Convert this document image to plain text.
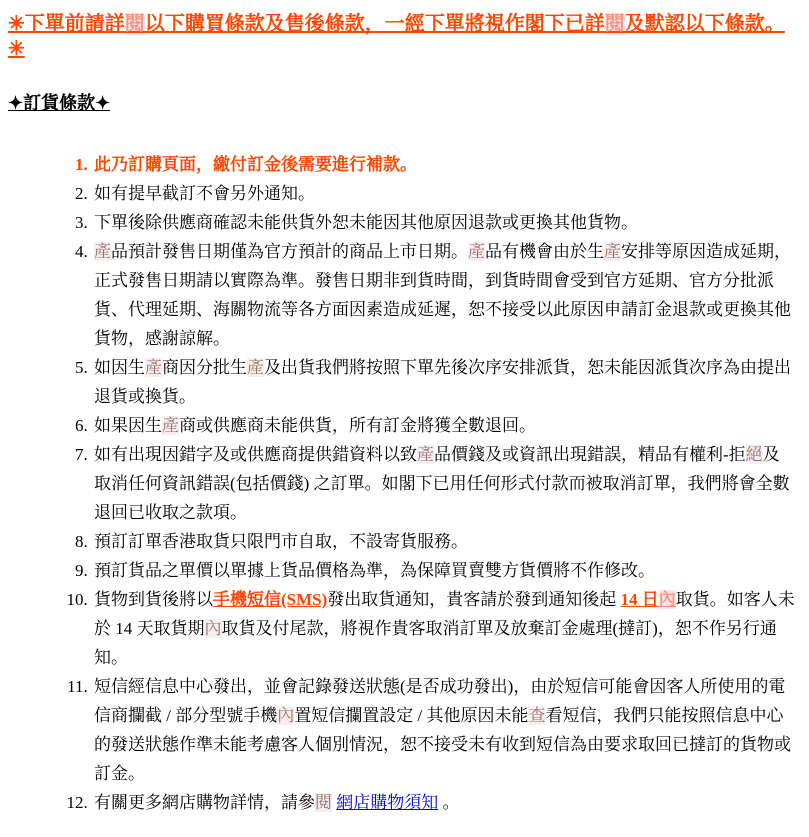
✳下單前請詳閱以下購買條款及售後條款，一經下單將視作閣下已詳閱及默認以下條款。✳
✦訂貨條款✦
1. 此乃訂購頁面，繳付訂金後需要進行補款。
2. 如有提早截訂不會另外通知。
3. 下單後除供應商確認未能供貨外恕未能因其他原因退款或更換其他貨物。
4. 產品預計發售日期僅為官方預計的商品上市日期。產品有機會由於生產安排等原因造成延期，正式發售日期請以實際為準。發售日期非到貨時間，到貨時間會受到官方延期、官方分批派貨、代理延期、海關物流等各方面因素造成延遲，恕不接受以此原因申請訂金退款或更換其他貨物，感謝諒解。
5. 如因生產商因分批生產及出貨我們將按照下單先後次序安排派貨，恕未能因派貨次序為由提出退貨或換貨。
6. 如果因生產商或供應商未能供貨，所有訂金將獲全數退回。
7. 如有出現因錯字及或供應商提供錯資料以致產品價錢及或資訊出現錯誤，精品有權利-拒絕及取消任何資訊錯誤(包括價錢) 之訂單。如閣下已用任何形式付款而被取消訂單，我們將會全數退回已收取之款項。
8. 預訂訂單香港取貨只限門市自取，不設寄貨服務。
9. 預訂貨品之單價以單據上貨品價格為準，為保障買賣雙方貨價將不作修改。
10. 貨物到貨後將以手機短信(SMS)發出取貨通知，貴客請於發到通知後起 14 日內取貨。如客人未於 14 天取貨期內取貨及付尾款，將視作貴客取消訂單及放棄訂金處理(撻訂)，恕不作另行通知。
11. 短信經信息中心發出，並會記錄發送狀態(是否成功發出)，由於短信可能會因客人所使用的電信商攔截 / 部分型號手機內置短信攔置設定 / 其他原因未能查看短信，我們只能按照信息中心的發送狀態作準未能考慮客人個別情況，恕不接受未有收到短信為由要求取回已撻訂的貨物或訂金。
12. 有關更多網店購物詳情，請參閱 網店購物須知 。
